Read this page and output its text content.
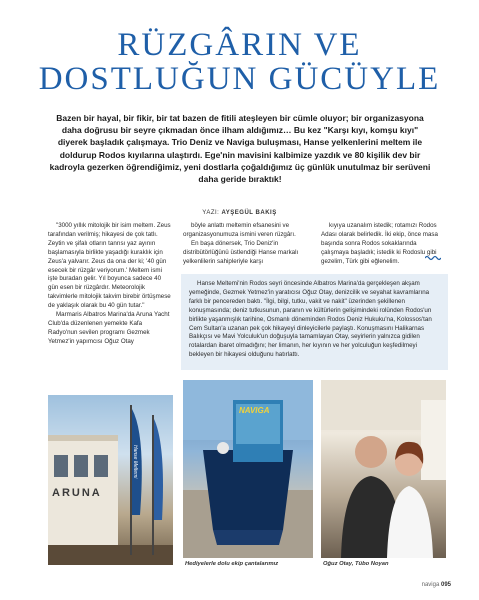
RÜZGÂRIN VE
DOSTLUĞUN GÜCÜYLE

Bazen bir hayal, bir fikir, bir tat bazen de fitili ateşleyen bir cümle oluyor; bir organizasyona daha doğrusu bir seyre çıkmadan önce ilham aldığımız… Bu kez "Karşı kıyı, komşu kıyı" diyerek başladık çalışmaya. Trio Deniz ve Naviga buluşması, Hanse yelkenlerini meltem ile doldurup Rodos kıyılarına ulaştırdı. Ege'nin mavisini kalbimize yazdık ve 80 kişilik dev bir kadroyla gezerken öğrendiğimiz, yeni dostlarla çoğaldığımız üç günlük unutulmaz bir serüveni daha geride bıraktık!

YAZI: AYŞEGÜL BAKIŞ

"3000 yıllık mitolojik bir isim meltem. Zeus tarafından verilmiş; hikayesi de çok tatlı. Zeytin ve şifalı otların tanrısı yaz ayının başlamasıyla birlikte yaşadığı kuraklık için Zeus'a yalvarır. Zeus da ona der ki; '40 gün esecek bir rüzgâr veriyorum.' Meltem ismi işte buradan gelir. Yıl boyunca sadece 40 gün esen bir rüzgârdır. Meteorolojik takvimlerle mitolojik takvim birebir örtüşmese de yaklaşık olarak bu 40 gün tutar."

Marmaris Albatros Marina'da Aruna Yacht Club'da düzenlenen yemekte Kafa Radyo'nun sevilen programı Gezmek Yetmez'in yapımcısı Oğuz Otay

böyle anlattı meltemin efsanesini ve organizasyonumuza ismini veren rüzgârı.

En başa dönersek, Trio Deniz'in distribütörlüğünü üstlendiği Hanse markalı yelkenlilerin sahipleriyle karşı

kıyıya uzanalım istedik; rotamızı Rodos Adası olarak belirledik. İki ekip, önce masa başında sonra Rodos sokaklarında çalışmaya başladık; istedik ki Rodoslu gibi gezelim, Türk gibi eğlenelim.

Hanse Meltemi'nin Rodos seyri öncesinde Albatros Marina'da gerçekleşen akşam yemeğinde, Gezmek Yetmez'in yaratıcısı Oğuz Otay, denizcilik ve seyahat kavramlarına farklı bir pencereden baktı. "İlgi, bilgi, tutku, vakit ve nakit" üzerinden şekillenen konuşmasında; deniz tutkusunun, paranın ve kültürlerin gelişimindeki rolünden Rodos'un birlikte yaşanmışlık tarihine, Osmanlı döneminden Rodos Deniz Hukuku'na, Kolossos'tan Cem Sultan'a uzanan pek çok hikayeyi dinleyicilerle paylaştı. Konuşmasını Halikarnas Balıkçısı ve Mavi Yolculuk'un doğuşuyla tamamlayan Otay, seyirlerin yalnızca gidilen rotalardan ibaret olmadığını; her limanın, her kıyının ve her yolculuğun keşfedilmeyi bekleyen bir hikayesi olduğunu hatırlattı.

ARUNA
Hanse Meltemi
NAVIGA
Hediyelerle dolu ekip çantalarımız	Oğuz Otay, Tübo Noyan
naviga 095
